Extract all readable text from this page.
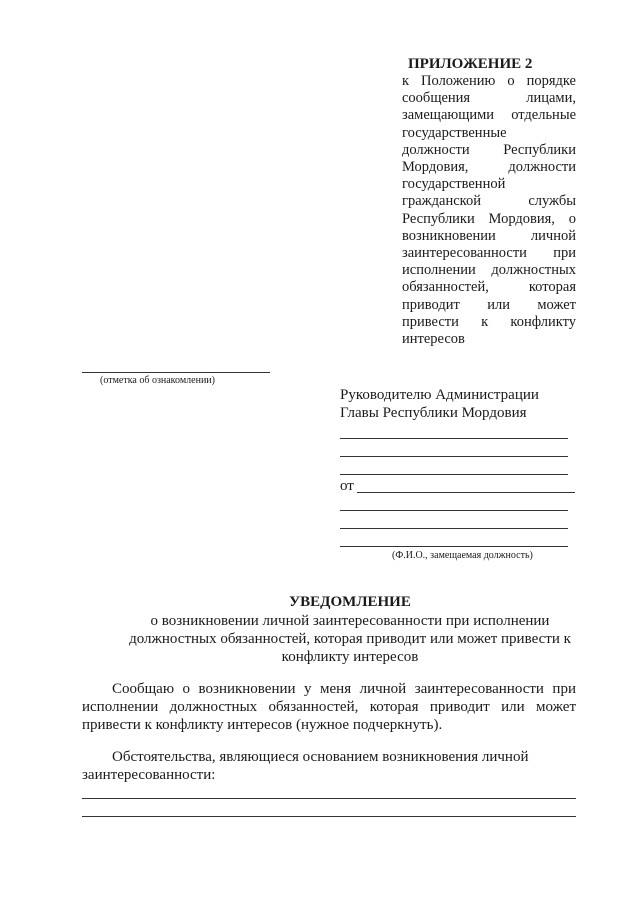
ПРИЛОЖЕНИЕ 2
к Положению о порядке
сообщения лицами,
замещающими отдельные
государственные
должности Республики
Мордовия, должности
государственной
гражданской службы
Республики Мордовия, о
возникновении личной
заинтересованности при
исполнении должностных
обязанностей, которая
приводит или может
привести к конфликту
интересов
(отметка об ознакомлении)
Руководителю Администрации
Главы Республики Мордовия
от
(Ф.И.О., замещаемая должность)
УВЕДОМЛЕНИЕ
о возникновении личной заинтересованности при исполнении
должностных обязанностей, которая приводит или может привести к
конфликту интересов
Сообщаю о возникновении у меня личной заинтересованности при
исполнении должностных обязанностей, которая приводит или может
привести к конфликту интересов (нужное подчеркнуть).
Обстоятельства, являющиеся основанием возникновения личной
заинтересованности:
